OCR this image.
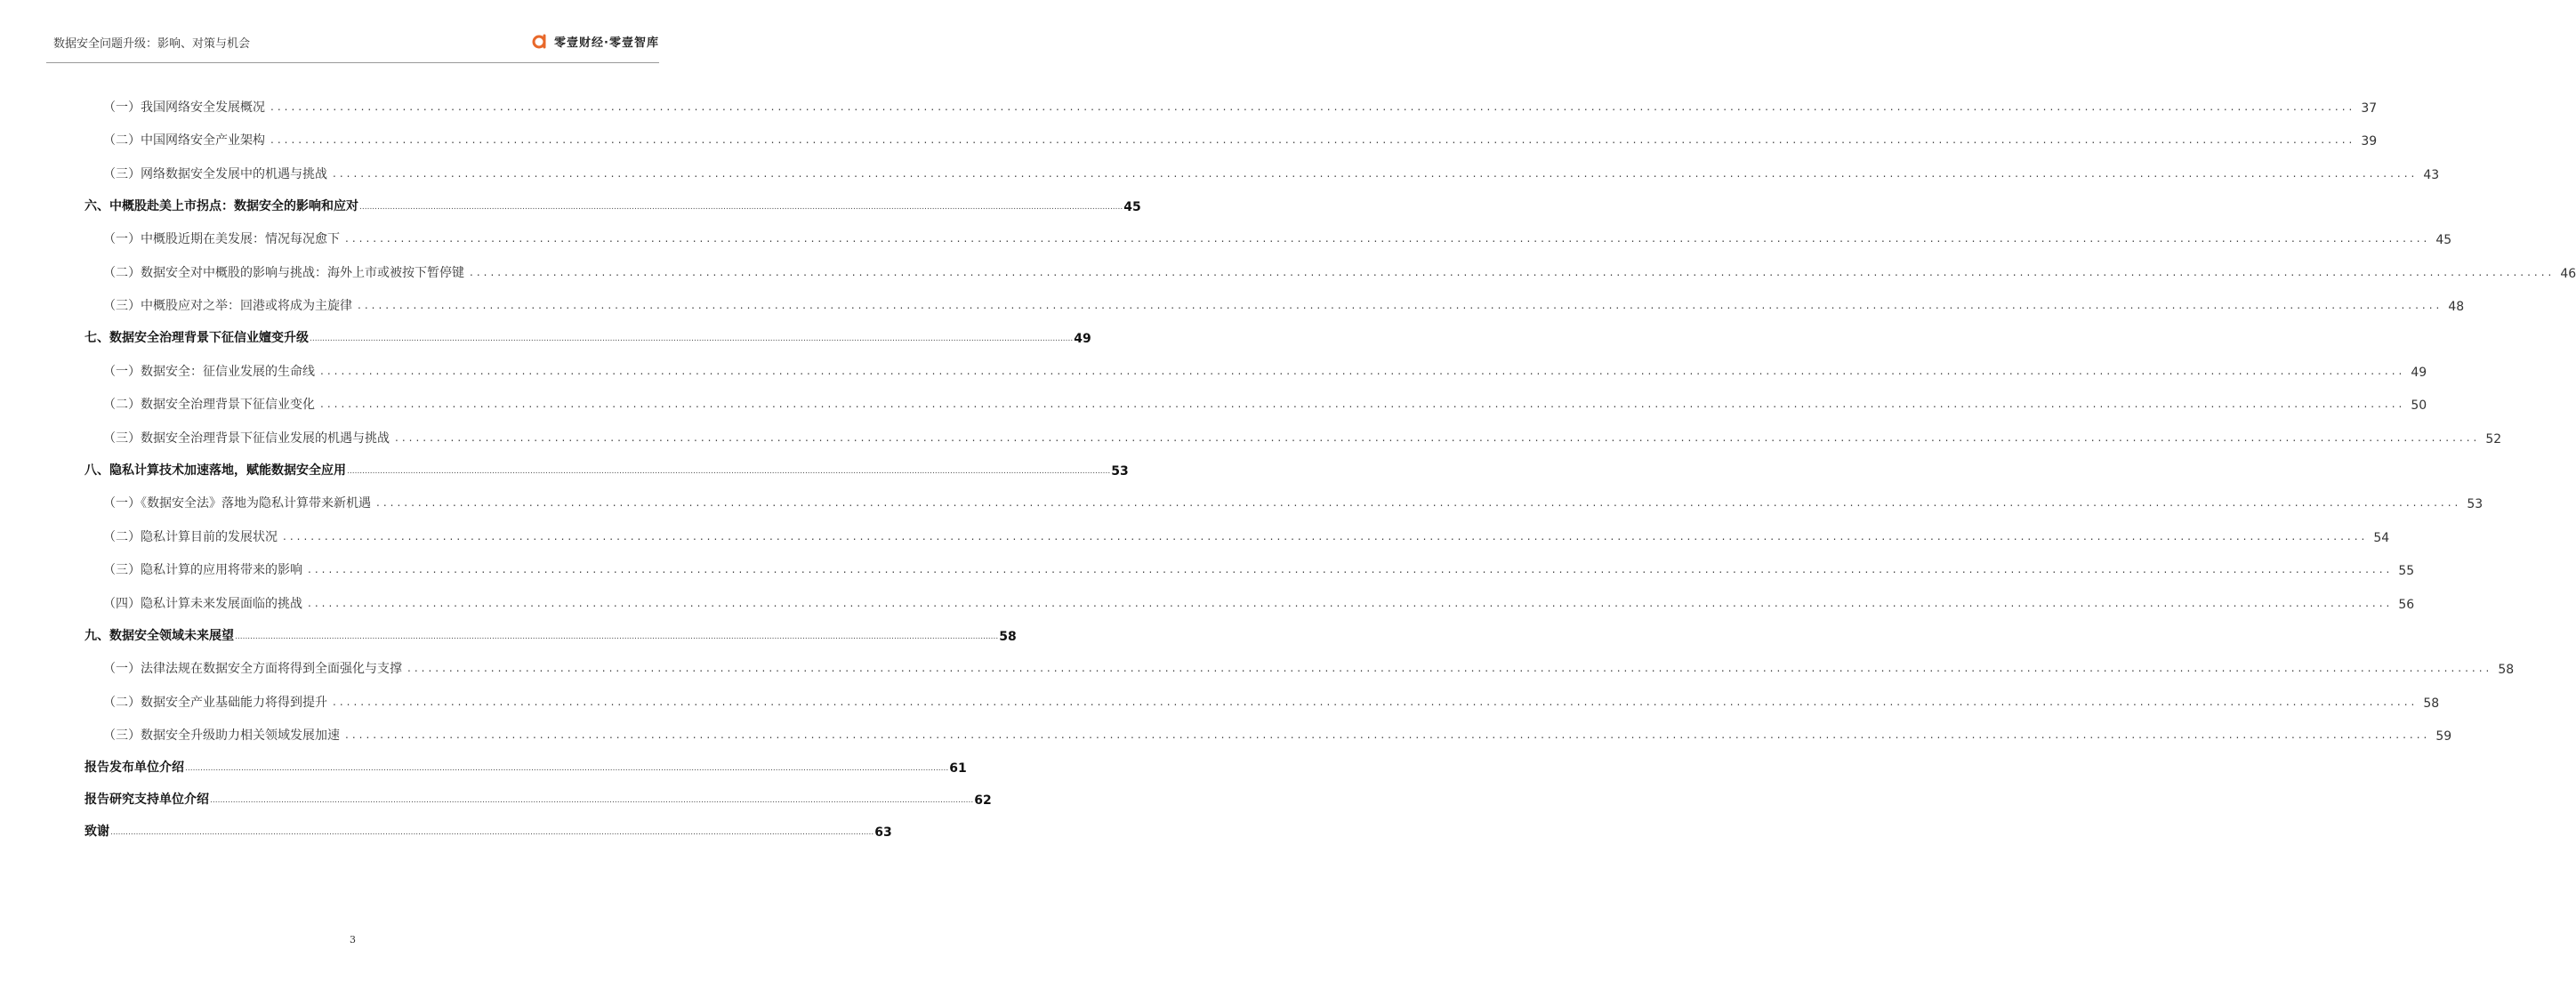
数据安全问题升级：影响、对策与机会	零壹财经·零壹智库
（一）我国网络安全发展概况 ............................................................................................................................................................................................................................................................................................................ 37
（二）中国网络安全产业架构 ............................................................................................................................................................................................................................................................................................................ 39
（三）网络数据安全发展中的机遇与挑战 ............................................................................................................................................................................................................................................................................................................ 43
六、中概股赴美上市拐点：数据安全的影响和应对 ............................................................................................................................................................................................................................................................................................................ 45
（一）中概股近期在美发展：情况每况愈下 ............................................................................................................................................................................................................................................................................................................ 45
（二）数据安全对中概股的影响与挑战：海外上市或被按下暂停键 ............................................................................................................................................................................................................................................................................................................ 46
（三）中概股应对之举：回港或将成为主旋律 ............................................................................................................................................................................................................................................................................................................ 48
七、数据安全治理背景下征信业嬗变升级 ............................................................................................................................................................................................................................................................................................................ 49
（一）数据安全：征信业发展的生命线 ............................................................................................................................................................................................................................................................................................................ 49
（二）数据安全治理背景下征信业变化 ............................................................................................................................................................................................................................................................................................................ 50
（三）数据安全治理背景下征信业发展的机遇与挑战 ............................................................................................................................................................................................................................................................................................................ 52
八、隐私计算技术加速落地，赋能数据安全应用 ............................................................................................................................................................................................................................................................................................................ 53
（一）《数据安全法》落地为隐私计算带来新机遇 ............................................................................................................................................................................................................................................................................................................ 53
（二）隐私计算目前的发展状况 ............................................................................................................................................................................................................................................................................................................ 54
（三）隐私计算的应用将带来的影响 ............................................................................................................................................................................................................................................................................................................ 55
（四）隐私计算未来发展面临的挑战 ............................................................................................................................................................................................................................................................................................................ 56
九、数据安全领域未来展望 ............................................................................................................................................................................................................................................................................................................ 58
（一）法律法规在数据安全方面将得到全面强化与支撑 ............................................................................................................................................................................................................................................................................................................ 58
（二）数据安全产业基础能力将得到提升 ............................................................................................................................................................................................................................................................................................................ 58
（三）数据安全升级助力相关领域发展加速 ............................................................................................................................................................................................................................................................................................................ 59
报告发布单位介绍 ............................................................................................................................................................................................................................................................................................................ 61
报告研究支持单位介绍 ............................................................................................................................................................................................................................................................................................................ 62
致谢 ............................................................................................................................................................................................................................................................................................................ 63
3
